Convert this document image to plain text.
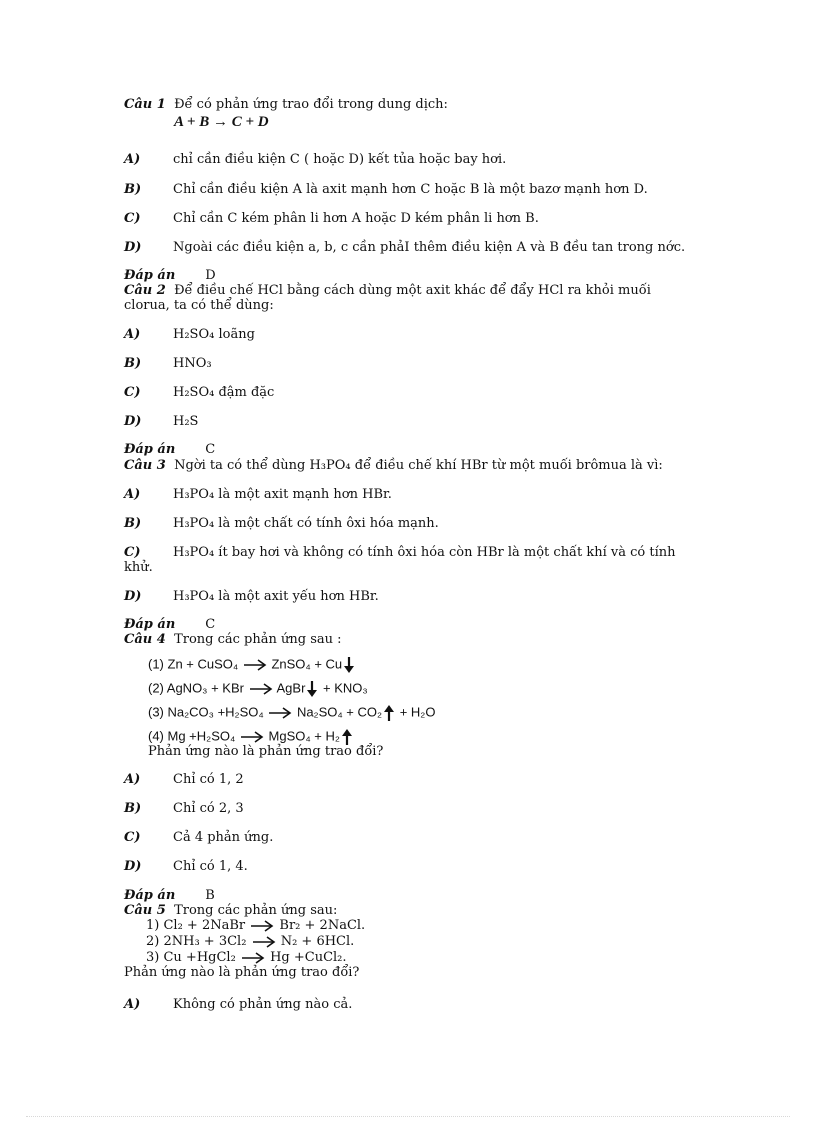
Câu 1 Để có phản ứng trao đổi trong dung dịch:
A + B → C + D
A)	chỉ cần điều kiện C ( hoặc D) kết tủa hoặc bay hơi.
B) Chỉ cần điều kiện A là axit mạnh hơn C hoặc B là một bazơ mạnh hơn D.
C)	Chỉ cần C kém phân li hơn A hoặc D kém phân li hơn B.
D) Ngoài các điều kiện a, b, c cần phảI thêm điều kiện A và B đều tan trong nớc.
Đáp án D
Câu 2 Để điều chế HCl bằng cách dùng một axit khác để đẩy HCl ra khỏi muối
clorua, ta có thể dùng:
A)	H₂SO₄ loãng
B) HNO₃
C)	H₂SO₄ đậm đặc
D) H₂S
Đáp án C
Câu 3 Ngời ta có thể dùng H₃PO₄ để điều chế khí HBr từ một muối brômua là vì:
A)	H₃PO₄ là một axit mạnh hơn HBr.
B) H₃PO₄ là một chất có tính ôxi hóa mạnh.
C)	H₃PO₄ ít bay hơi và không có tính ôxi hóa còn HBr là một chất khí và có tính
khử.
D) H₃PO₄ là một axit yếu hơn HBr.
Đáp án C
Câu 4 Trong các phản ứng sau :
(1) Zn + CuSO₄	ZnSO₄ + Cu
(2) AgNO₃ + KBr	AgBr + KNO₃
(3) Na₂CO₃ +H₂SO₄	Na₂SO₄ + CO₂ + H₂O
(4) Mg +H₂SO₄	MgSO₄ + H₂
Phản ứng nào là phản ứng trao đổi?
A)	Chỉ có 1, 2
B) Chỉ có 2, 3
C)	Cả 4 phản ứng.
D) Chỉ có 1, 4.
Đáp án B
Câu 5 Trong các phản ứng sau:
1) Cl₂ + 2NaBr	Br₂ + 2NaCl.
2) 2NH₃ + 3Cl₂	N₂ + 6HCl.
3) Cu +HgCl₂	Hg +CuCl₂.
Phản ứng nào là phản ứng trao đổi?
A)	Không có phản ứng nào cả.
